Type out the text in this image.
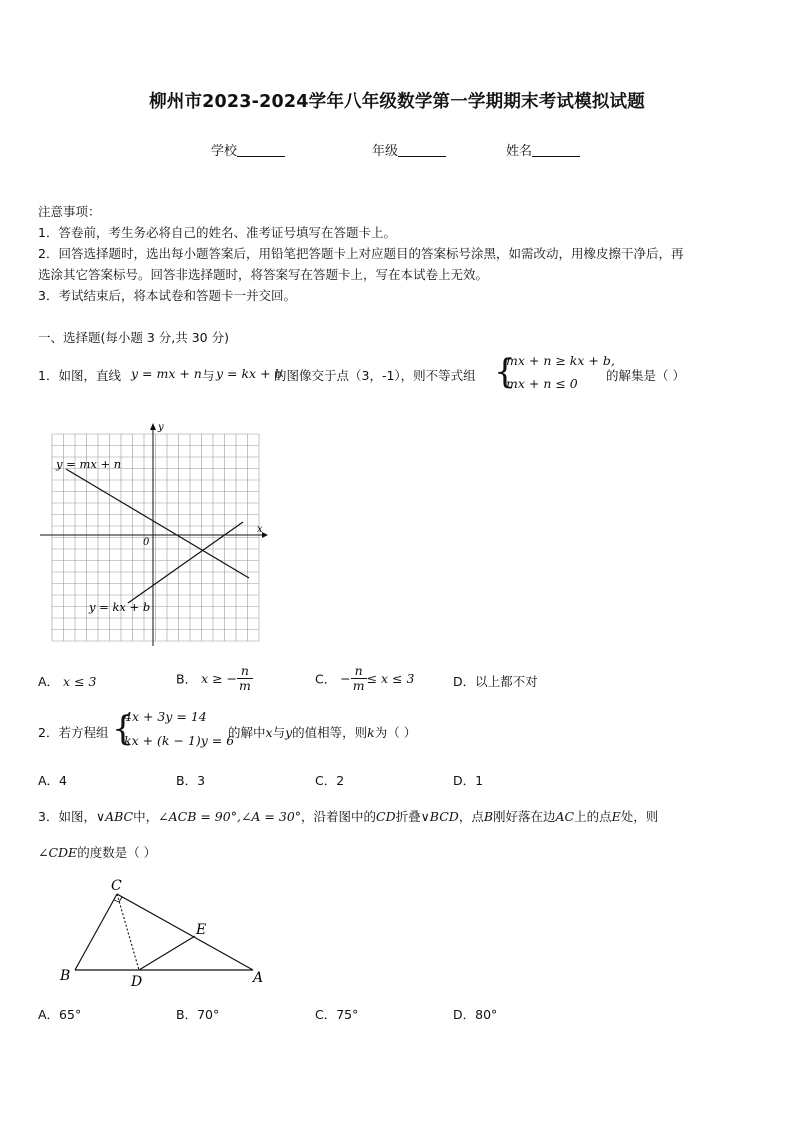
柳州市2023-2024学年八年级数学第一学期期末考试模拟试题
学校	年级	姓名
注意事项：
1．答卷前，考生务必将自己的姓名、准考证号填写在答题卡上。
2．回答选择题时，选出每小题答案后，用铅笔把答题卡上对应题目的答案标号涂黑，如需改动，用橡皮擦干净后，再
选涂其它答案标号。回答非选择题时，将答案写在答题卡上，写在本试卷上无效。
3．考试结束后，将本试卷和答题卡一并交回。
一、选择题(每小题 3 分,共 30 分)
1．如图，直线 y = mx + n 与 y = kx + b
的图像交于点（3，-1），则不等式组 {
mx + n ≥ kx + b,
mx + n ≤ 0
的解集是（ ）
y = mx + n
y = kx + b
x
y
0
A． x ≤ 3	B． x ≥ − $\frac{n}{m}$	C． − $\frac{n}{m} \le x \le 3$	D．以上都不对
2．若方程组 {
4x + 3y = 14
kx + (k − 1)y = 6
的解中x与y的值相等，则k为（ ）
A．4	B．3	C．2	D．1
3．如图，∨ABC中，∠ACB = 90°,∠A = 30°，沿着图中的CD折叠∨BCD，点B刚好落在边AC上的点E处，则
∠CDE的度数是（ ）
C
E
B	D	A
A．65°	B．70°	C．75°	D．80°
